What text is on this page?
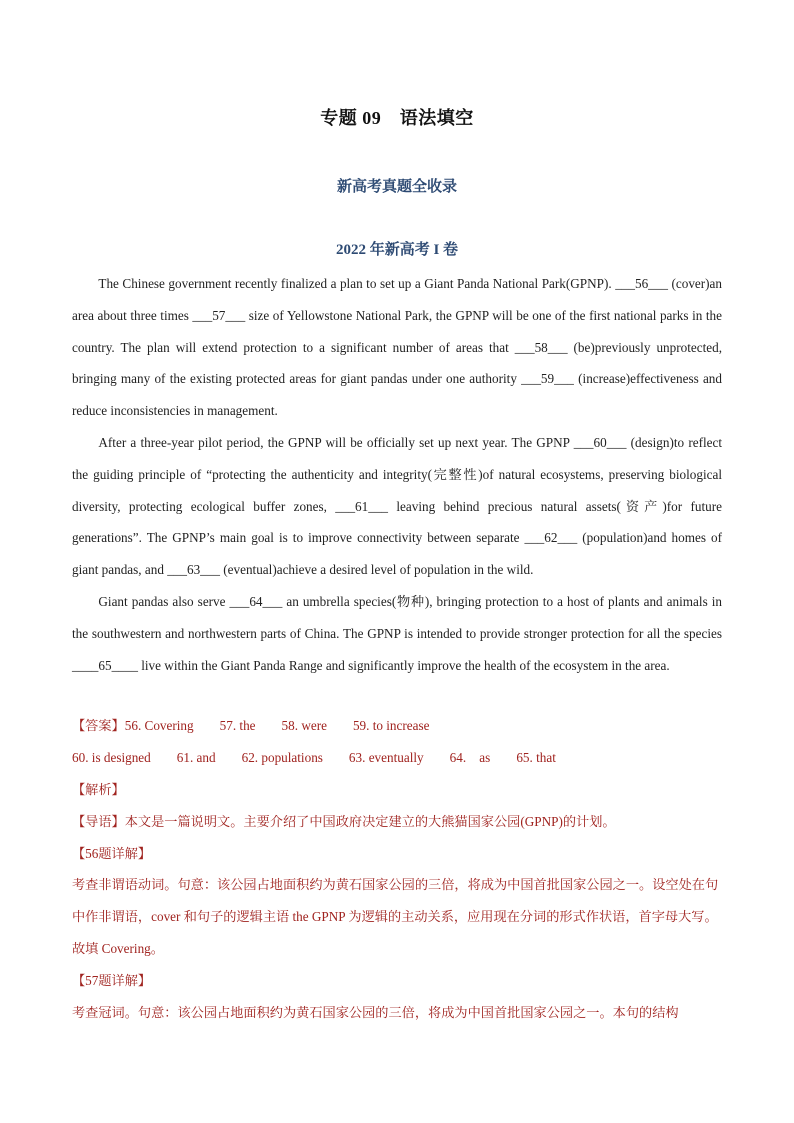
专题 09　语法填空
新高考真题全收录
2022 年新高考 I 卷

The Chinese government recently finalized a plan to set up a Giant Panda National Park(GPNP). ___56___ (cover)an area about three times ___57___ size of Yellowstone National Park, the GPNP will be one of the first national parks in the country. The plan will extend protection to a significant number of areas that ___58___ (be)previously unprotected, bringing many of the existing protected areas for giant pandas under one authority ___59___ (increase)effectiveness and reduce inconsistencies in management.

After a three-year pilot period, the GPNP will be officially set up next year. The GPNP ___60___ (design)to reflect the guiding principle of “protecting the authenticity and integrity(完整性)of natural ecosystems, preserving biological diversity, protecting ecological buffer zones, ___61___ leaving behind precious natural assets(资产)for future generations”. The GPNP’s main goal is to improve connectivity between separate ___62___ (population)and homes of giant pandas, and ___63___ (eventual)achieve a desired level of population in the wild.

Giant pandas also serve ___64___ an umbrella species(物种), bringing protection to a host of plants and animals in the southwestern and northwestern parts of China. The GPNP is intended to provide stronger protection for all the species ____65____ live within the Giant Panda Range and significantly improve the health of the ecosystem in the area.

【答案】56. Covering 57. the 58. were 59. to increase
60. is designed 61. and 62. populations 63. eventually 64.　as 65. that

【解析】

【导语】本文是一篇说明文。主要介绍了中国政府决定建立的大熊猫国家公园(GPNP)的计划。

【56题详解】

考查非谓语动词。句意：该公园占地面积约为黄石国家公园的三倍，将成为中国首批国家公园之一。设空处在句中作非谓语，cover 和句子的逻辑主语 the GPNP 为逻辑的主动关系，应用现在分词的形式作状语，首字母大写。故填 Covering。

【57题详解】

考查冠词。句意：该公园占地面积约为黄石国家公园的三倍，将成为中国首批国家公园之一。本句的结构
